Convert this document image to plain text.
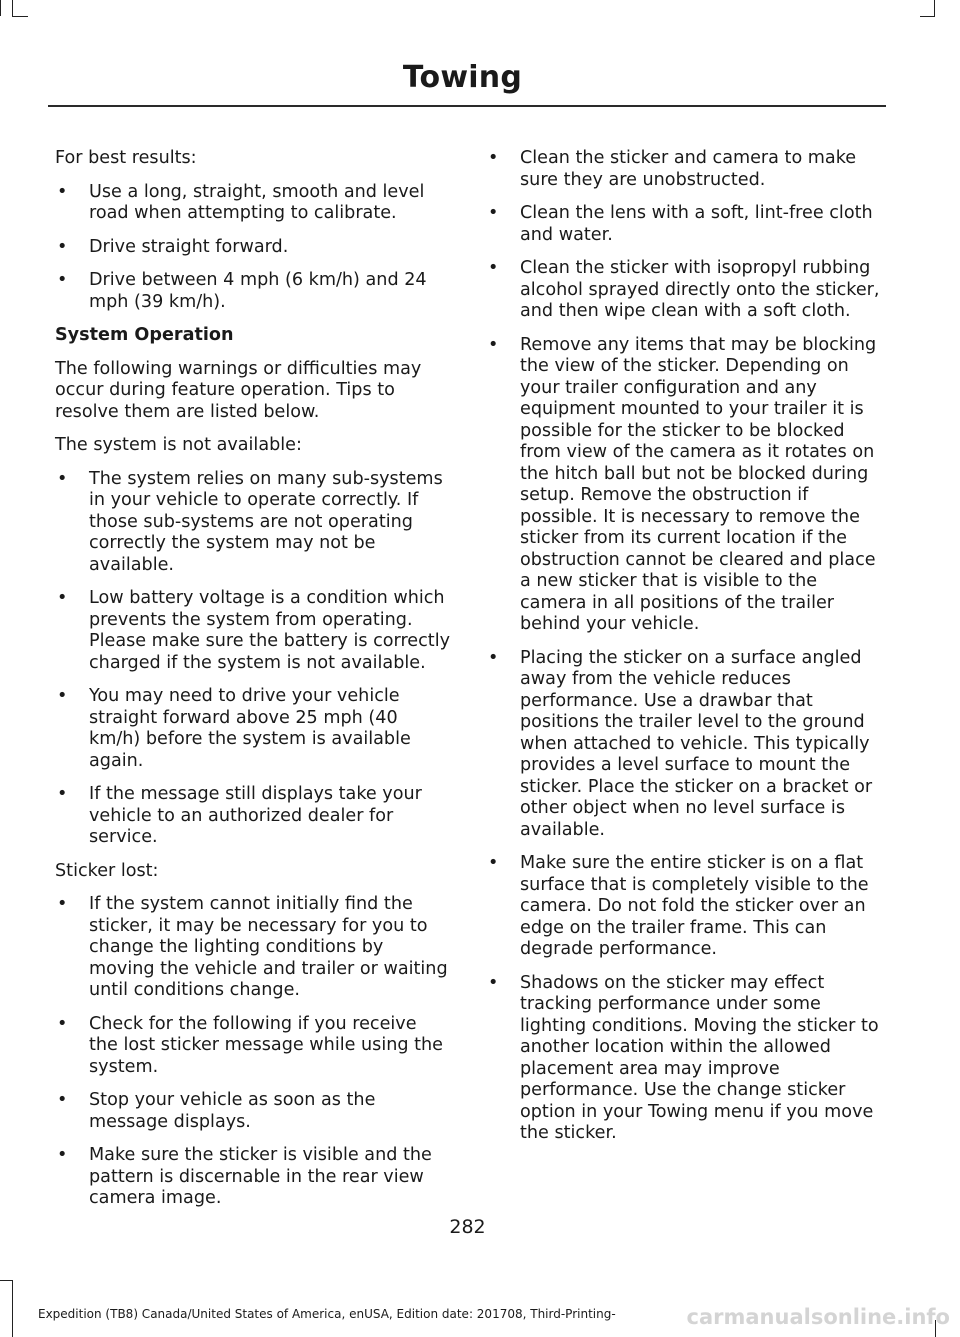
Towing

For best results:

• Use a long, straight, smooth and level road when attempting to calibrate.
• Drive straight forward.
• Drive between 4 mph (6 km/h) and 24 mph (39 km/h).
System Operation

The following warnings or difficulties may occur during feature operation. Tips to resolve them are listed below.

The system is not available:

• The system relies on many sub-systems in your vehicle to operate correctly. If those sub-systems are not operating correctly the system may not be available.
• Low battery voltage is a condition which prevents the system from operating. Please make sure the battery is correctly charged if the system is not available.
• You may need to drive your vehicle straight forward above 25 mph (40 km/h) before the system is available again.
• If the message still displays take your vehicle to an authorized dealer for service.

Sticker lost:

• If the system cannot initially find the sticker, it may be necessary for you to change the lighting conditions by moving the vehicle and trailer or waiting until conditions change.
• Check for the following if you receive the lost sticker message while using the system.
• Stop your vehicle as soon as the message displays.
• Make sure the sticker is visible and the pattern is discernable in the rear view camera image.
• Clean the sticker and camera to make sure they are unobstructed.
• Clean the lens with a soft, lint-free cloth and water.
• Clean the sticker with isopropyl rubbing alcohol sprayed directly onto the sticker, and then wipe clean with a soft cloth.
• Remove any items that may be blocking the view of the sticker. Depending on your trailer configuration and any equipment mounted to your trailer it is possible for the sticker to be blocked from view of the camera as it rotates on the hitch ball but not be blocked during setup. Remove the obstruction if possible. It is necessary to remove the sticker from its current location if the obstruction cannot be cleared and place a new sticker that is visible to the camera in all positions of the trailer behind your vehicle.
• Placing the sticker on a surface angled away from the vehicle reduces performance. Use a drawbar that positions the trailer level to the ground when attached to vehicle. This typically provides a level surface to mount the sticker. Place the sticker on a bracket or other object when no level surface is available.
• Make sure the entire sticker is on a flat surface that is completely visible to the camera. Do not fold the sticker over an edge on the trailer frame. This can degrade performance.
• Shadows on the sticker may effect tracking performance under some lighting conditions. Moving the sticker to another location within the allowed placement area may improve performance. Use the change sticker option in your Towing menu if you move the sticker.
282
Expedition (TB8) Canada/United States of America, enUSA, Edition date: 201708, Third-Printing-	carmanualsonline.info
